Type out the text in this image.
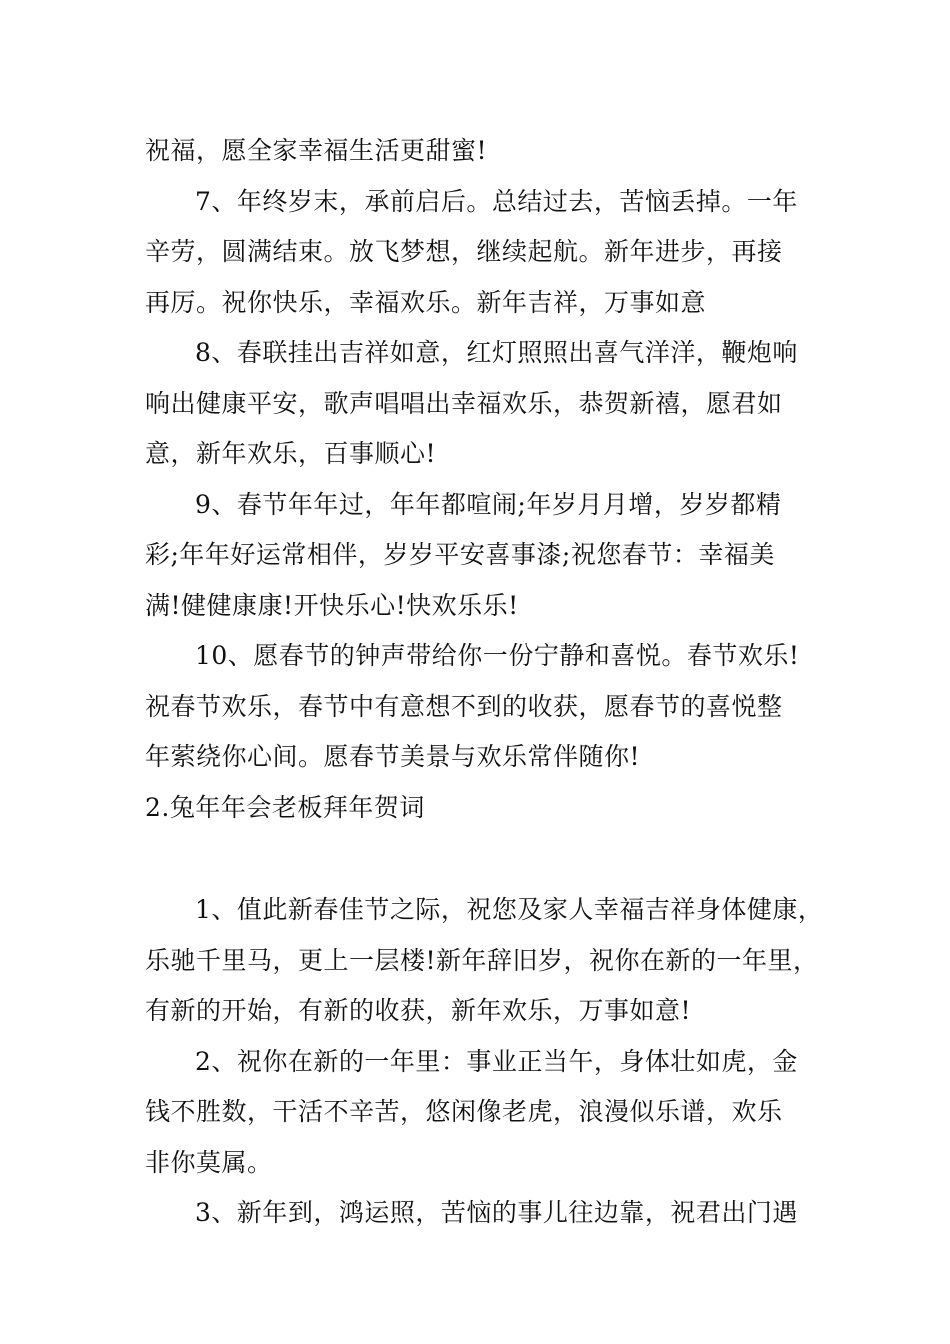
祝福，愿全家幸福生活更甜蜜!
7、年终岁末，承前启后。总结过去，苦恼丢掉。一年
辛劳，圆满结束。放飞梦想，继续起航。新年进步，再接
再厉。祝你快乐，幸福欢乐。新年吉祥，万事如意
8、春联挂出吉祥如意，红灯照照出喜气洋洋，鞭炮响
响出健康平安，歌声唱唱出幸福欢乐，恭贺新禧，愿君如
意，新年欢乐，百事顺心!
9、春节年年过，年年都喧闹;年岁月月增，岁岁都精
彩;年年好运常相伴，岁岁平安喜事漆;祝您春节：幸福美
满!健健康康!开快乐心!快欢乐乐!
10、愿春节的钟声带给你一份宁静和喜悦。春节欢乐!
祝春节欢乐，春节中有意想不到的收获，愿春节的喜悦整
年萦绕你心间。愿春节美景与欢乐常伴随你!
2.兔年年会老板拜年贺词
1、值此新春佳节之际，祝您及家人幸福吉祥身体健康，
乐驰千里马，更上一层楼!新年辞旧岁，祝你在新的一年里，
有新的开始，有新的收获，新年欢乐，万事如意!
2、祝你在新的一年里：事业正当午，身体壮如虎，金
钱不胜数，干活不辛苦，悠闲像老虎，浪漫似乐谱，欢乐
非你莫属。
3、新年到，鸿运照，苦恼的事儿往边靠，祝君出门遇
